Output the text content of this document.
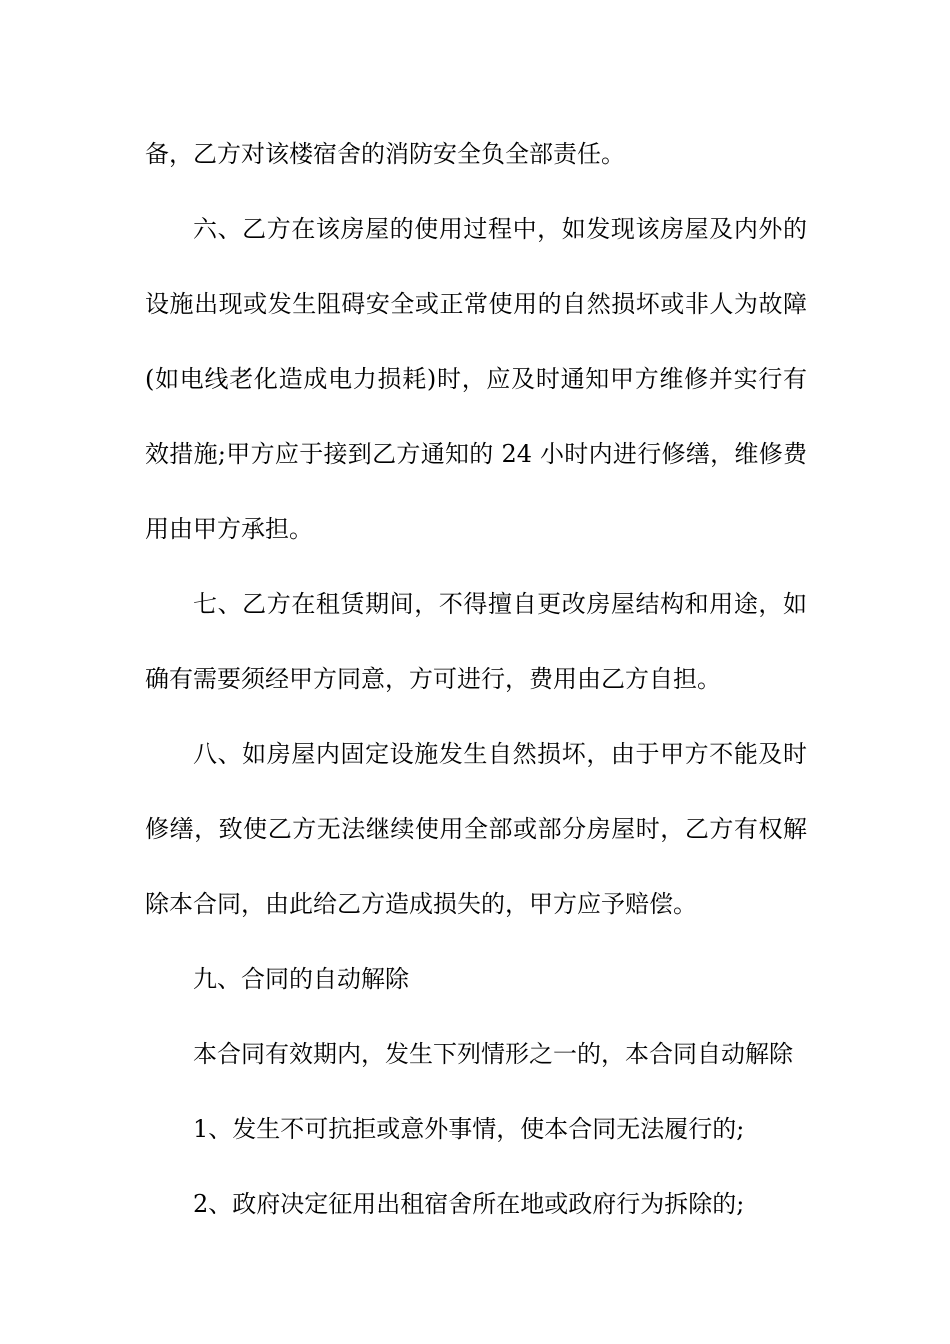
备，乙方对该楼宿舍的消防安全负全部责任。
六、乙方在该房屋的使用过程中，如发现该房屋及内外的
设施出现或发生阻碍安全或正常使用的自然损坏或非人为故障
(如电线老化造成电力损耗)时，应及时通知甲方维修并实行有
效措施;甲方应于接到乙方通知的 24 小时内进行修缮，维修费
用由甲方承担。
七、乙方在租赁期间，不得擅自更改房屋结构和用途，如
确有需要须经甲方同意，方可进行，费用由乙方自担。
八、如房屋内固定设施发生自然损坏，由于甲方不能及时
修缮，致使乙方无法继续使用全部或部分房屋时，乙方有权解
除本合同，由此给乙方造成损失的，甲方应予赔偿。
九、合同的自动解除
本合同有效期内，发生下列情形之一的，本合同自动解除
1、发生不可抗拒或意外事情，使本合同无法履行的;
2、政府决定征用出租宿舍所在地或政府行为拆除的;
